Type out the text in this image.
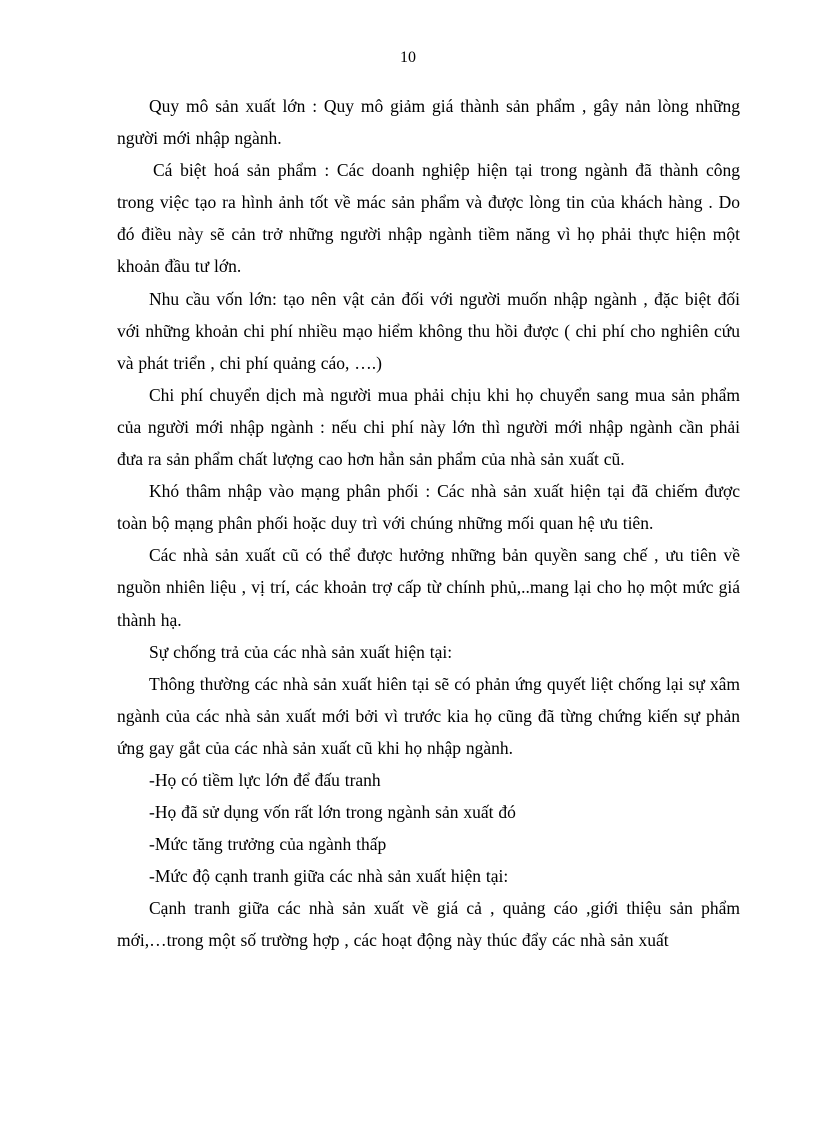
10

Quy mô sản xuất lớn : Quy mô giảm giá thành sản phẩm , gây nản lòng những người mới nhập ngành.

Cá biệt hoá sản phẩm : Các doanh nghiệp hiện tại trong ngành đã thành công trong việc tạo ra hình ảnh tốt về mác sản phẩm và được lòng tin của khách hàng . Do đó điều này sẽ cản trở những người nhập ngành tiềm năng vì họ phải thực hiện một khoản đầu tư lớn.

Nhu cầu vốn lớn: tạo nên vật cản đối với người muốn nhập ngành , đặc biệt đối với những khoản chi phí nhiều mạo hiểm không thu hồi được ( chi phí cho nghiên cứu và phát triển , chi phí quảng cáo, ….)

Chi phí chuyển dịch mà người mua phải chịu khi họ chuyển sang mua sản phẩm của người mới nhập ngành : nếu chi phí này lớn thì người mới nhập ngành cần phải đưa ra sản phẩm chất lượng cao hơn hẳn sản phẩm của nhà sản xuất cũ.

Khó thâm nhập vào mạng phân phối : Các nhà sản xuất hiện tại đã chiếm được toàn bộ mạng phân phối hoặc duy trì với chúng những mối quan hệ ưu tiên.

Các nhà sản xuất cũ có thể được hưởng những bản quyền sang chế , ưu tiên về nguồn nhiên liệu , vị trí, các khoản trợ cấp từ chính phủ,..mang lại cho họ một mức giá thành hạ.

Sự chống trả của các nhà sản xuất hiện tại:

Thông thường các nhà sản xuất hiên tại sẽ có phản ứng quyết liệt chống lại sự xâm ngành của các nhà sản xuất mới bởi vì trước kia họ cũng đã từng chứng kiến sự phản ứng gay gắt của các nhà sản xuất cũ khi họ nhập ngành.

-Họ có tiềm lực lớn để đấu tranh

-Họ đã sử dụng vốn rất lớn trong ngành sản xuất đó

-Mức tăng trưởng của ngành thấp

-Mức độ cạnh tranh giữa các nhà sản xuất hiện tại:

Cạnh tranh giữa các nhà sản xuất về giá cả , quảng cáo ,giới thiệu sản phẩm mới,…trong một số trường hợp , các hoạt động này thúc đẩy các nhà sản xuất
